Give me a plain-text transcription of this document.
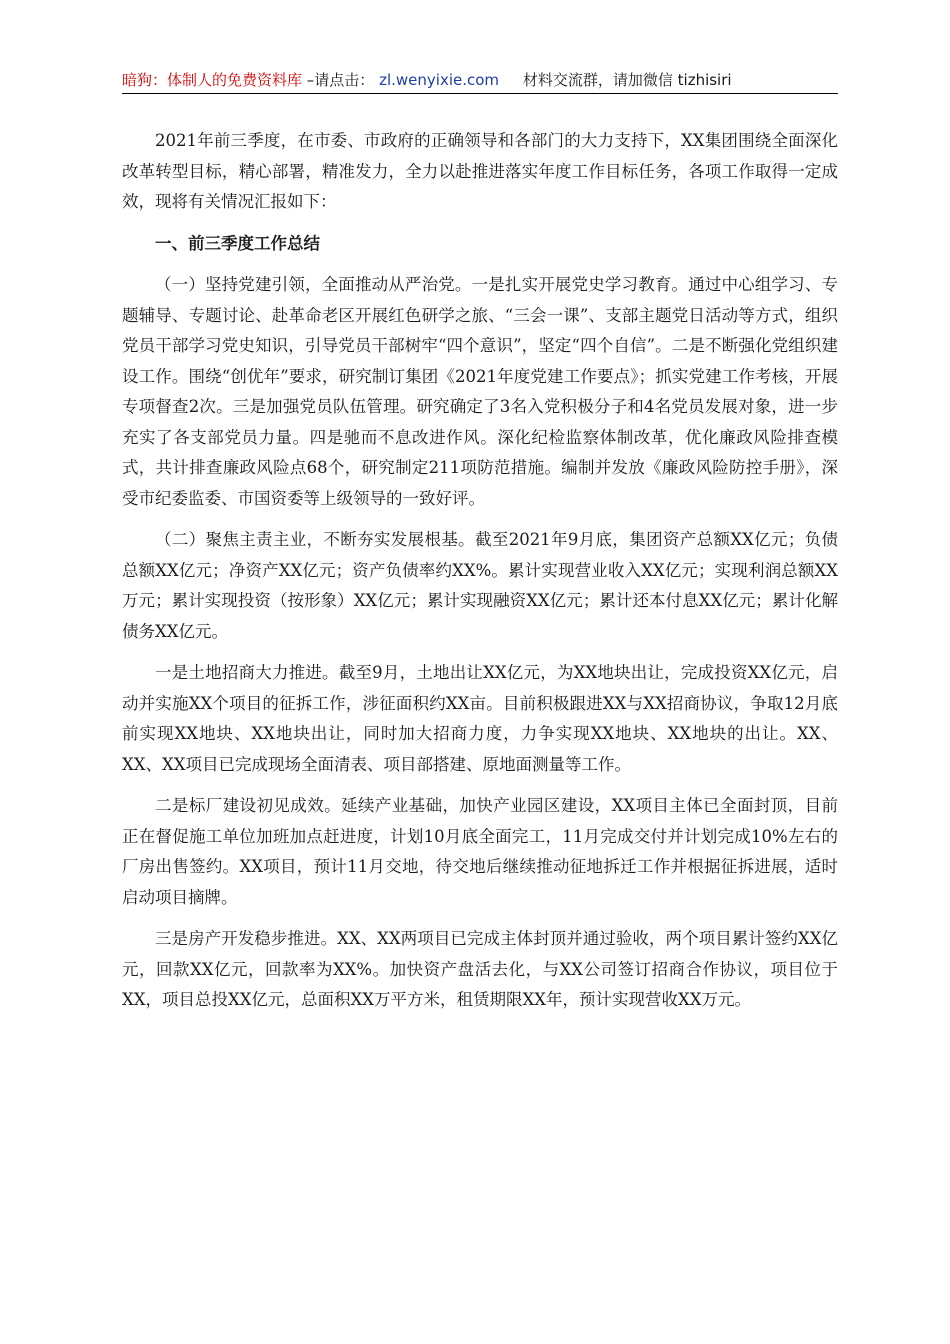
暗狗：体制人的免费资料库 –请点击： zl.wenyixie.com 材料交流群，请加微信 tizhisiri

2021年前三季度，在市委、市政府的正确领导和各部门的大力支持下，XX集团围绕全面深化改革转型目标，精心部署，精准发力，全力以赴推进落实年度工作目标任务，各项工作取得一定成效，现将有关情况汇报如下：

一、前三季度工作总结

（一）坚持党建引领，全面推动从严治党。一是扎实开展党史学习教育。通过中心组学习、专题辅导、专题讨论、赴革命老区开展红色研学之旅、“三会一课”、支部主题党日活动等方式，组织党员干部学习党史知识，引导党员干部树牢“四个意识”，坚定“四个自信”。二是不断强化党组织建设工作。围绕“创优年”要求，研究制订集团《2021年度党建工作要点》；抓实党建工作考核，开展专项督查2次。三是加强党员队伍管理。研究确定了3名入党积极分子和4名党员发展对象，进一步充实了各支部党员力量。四是驰而不息改进作风。深化纪检监察体制改革，优化廉政风险排查模式，共计排查廉政风险点68个，研究制定211项防范措施。编制并发放《廉政风险防控手册》，深受市纪委监委、市国资委等上级领导的一致好评。

（二）聚焦主责主业，不断夯实发展根基。截至2021年9月底，集团资产总额XX亿元；负债总额XX亿元；净资产XX亿元；资产负债率约XX%。累计实现营业收入XX亿元；实现利润总额XX万元；累计实现投资（按形象）XX亿元；累计实现融资XX亿元；累计还本付息XX亿元；累计化解债务XX亿元。

一是土地招商大力推进。截至9月，土地出让XX亿元，为XX地块出让，完成投资XX亿元，启动并实施XX个项目的征拆工作，涉征面积约XX亩。目前积极跟进XX与XX招商协议，争取12月底前实现XX地块、XX地块出让，同时加大招商力度，力争实现XX地块、XX地块的出让。XX、XX、XX项目已完成现场全面清表、项目部搭建、原地面测量等工作。

二是标厂建设初见成效。延续产业基础，加快产业园区建设，XX项目主体已全面封顶，目前正在督促施工单位加班加点赶进度，计划10月底全面完工，11月完成交付并计划完成10%左右的厂房出售签约。XX项目，预计11月交地，待交地后继续推动征地拆迁工作并根据征拆进展，适时启动项目摘牌。

三是房产开发稳步推进。XX、XX两项目已完成主体封顶并通过验收，两个项目累计签约XX亿元，回款XX亿元，回款率为XX%。加快资产盘活去化，与XX公司签订招商合作协议，项目位于XX，项目总投XX亿元，总面积XX万平方米，租赁期限XX年，预计实现营收XX万元。
